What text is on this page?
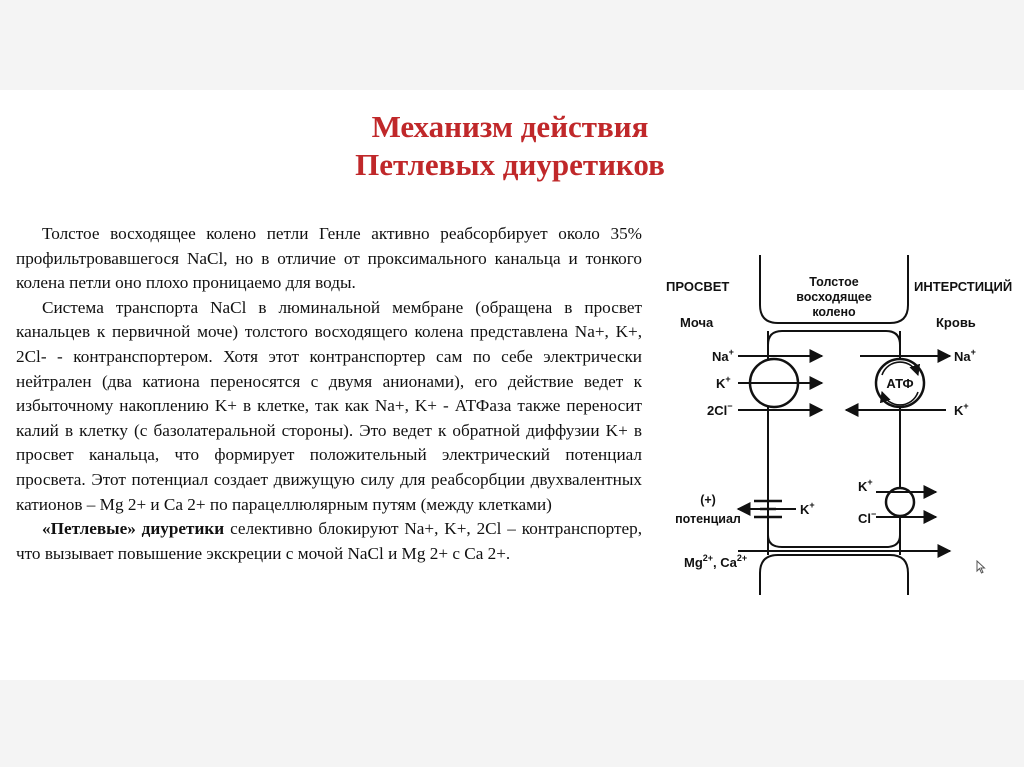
Механизм действия
Петлевых диуретиков

Толстое восходящее колено петли Генле активно реабсорбирует около 35% профильтровавшегося NaCl, но в отличие от проксимального канальца и тонкого колена петли оно плохо проницаемо для воды.

Система транспорта NaCl в люминальной мембране (обращена в просвет канальцев к первичной моче) толстого восходящего колена представлена Na+, K+, 2Cl- - контранспортером. Хотя этот контранспортер сам по себе электрически нейтрален (два катиона переносятся с двумя анионами), его действие ведет к избыточному накоплению K+ в клетке, так как Na+, K+ - АТФаза также переносит калий в клетку (с базолатеральной стороны). Это ведет к обратной диффузии K+ в просвет канальца, что формирует положительный электрический потенциал просвета. Этот потенциал создает движущую силу для реабсорбции двухвалентных катионов – Mg 2+ и Ca 2+ по парацеллюлярным путям (между клетками)

«Петлевые» диуретики селективно блокируют Na+, K+, 2Cl – контранспортер, что вызывает повышение экскреции с мочой NaCl и Mg 2+ с Ca 2+.

ПРОСВЕТ
Моча
Толстое
восходящее
колено
ИНТЕРСТИЦИЙ
Кровь
Na+
K+
2Cl−
АТФ
Na+
K+
K+
Cl−
K+
(+)
потенциал
$Mg^{2+}$, $Ca^{2+}$
